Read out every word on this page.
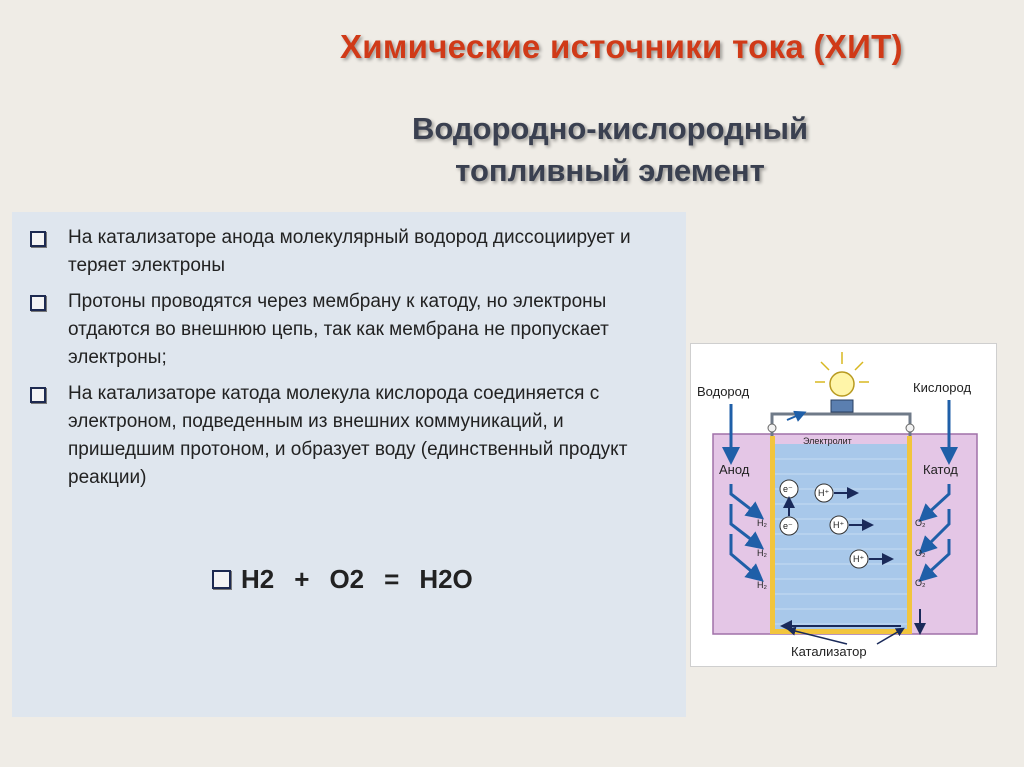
Химические источники тока (ХИТ)
Водородно-кислородный
топливный элемент
На катализаторе анода молекулярный водород диссоциирует и теряет электроны
Протоны проводятся через мембрану к катоду, но электроны отдаются во внешнюю цепь, так как мембрана не пропускает электроны;
На катализаторе катода молекула кислорода соединяется с электроном, подведенным из внешних коммуникаций, и пришедшим протоном, и образует воду (единственный продукт реакции)
H2 + O2 = H2O
Водород	Кислород
Электролит
Анод	Катод
Катализатор
H₂
H₂
H₂
O₂
O₂
O₂
e⁻
e⁻
H⁺
H⁺
H⁺
